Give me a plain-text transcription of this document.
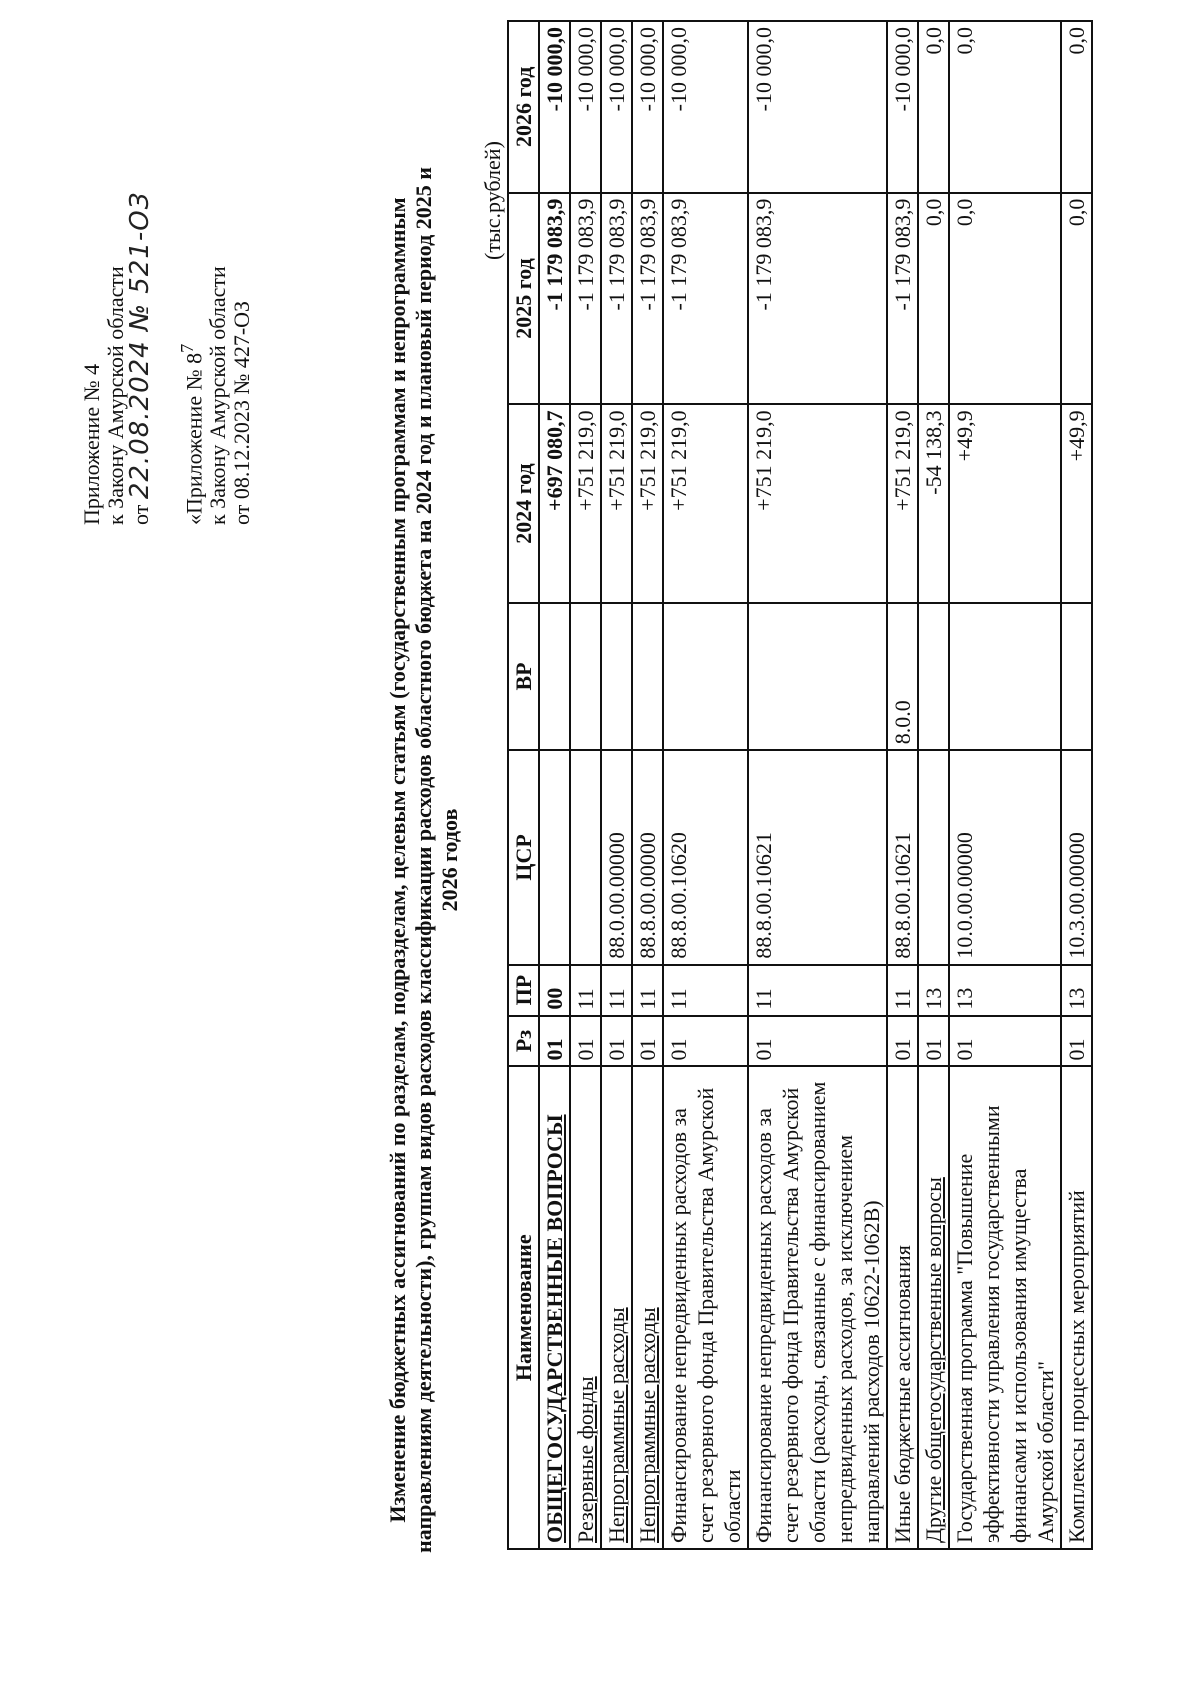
Приложение № 4 к Закону Амурской области от 22.08.2024 № 521-ОЗ «Приложение № $8^7$ к Закону Амурской области от 08.12.2023 № 427-ОЗ	Изменение бюджетных ассигнований по разделам, подразделам, целевым статьям (государственным программам и непрограммным направлениям деятельности), группам видов расходов классификации расходов областного бюджета на 2024 год и плановый период 2025 и 2026 годов
(тыс.рублей)
Наименование	Рз	ПР	ЦСР	ВР	2024 год	2025 год	2026 год
ОБЩЕГОСУДАРСТВЕННЫЕ ВОПРОСЫ	01	00			+697 080,7	-1 179 083,9	-10 000,0
Резервные фонды	01	11			+751 219,0	-1 179 083,9	-10 000,0
Непрограммные расходы	01	11	88.0.00.00000		+751 219,0	-1 179 083,9	-10 000,0
Непрограммные расходы	01	11	88.8.00.00000		+751 219,0	-1 179 083,9	-10 000,0
Финансирование непредвиденных расходов за счет резервного фонда Правительства Амурской области	01	11	88.8.00.10620		+751 219,0	-1 179 083,9	-10 000,0
Финансирование непредвиденных расходов за счет резервного фонда Правительства Амурской области (расходы, связанные с финансированием непредвиденных расходов, за исключением направлений расходов 10622-1062В)	01	11	88.8.00.10621		+751 219,0	-1 179 083,9	-10 000,0
Иные бюджетные ассигнования	01	11	88.8.00.10621	8.0.0	+751 219,0	-1 179 083,9	-10 000,0
Другие общегосударственные вопросы	01	13			-54 138,3	0,0	0,0
Государственная программа "Повышение эффективности управления государственными финансами и использования имущества Амурской области"	01	13	10.0.00.00000		+49,9	0,0	0,0
Комплексы процессных мероприятий	01	13	10.3.00.00000		+49,9	0,0	0,0
